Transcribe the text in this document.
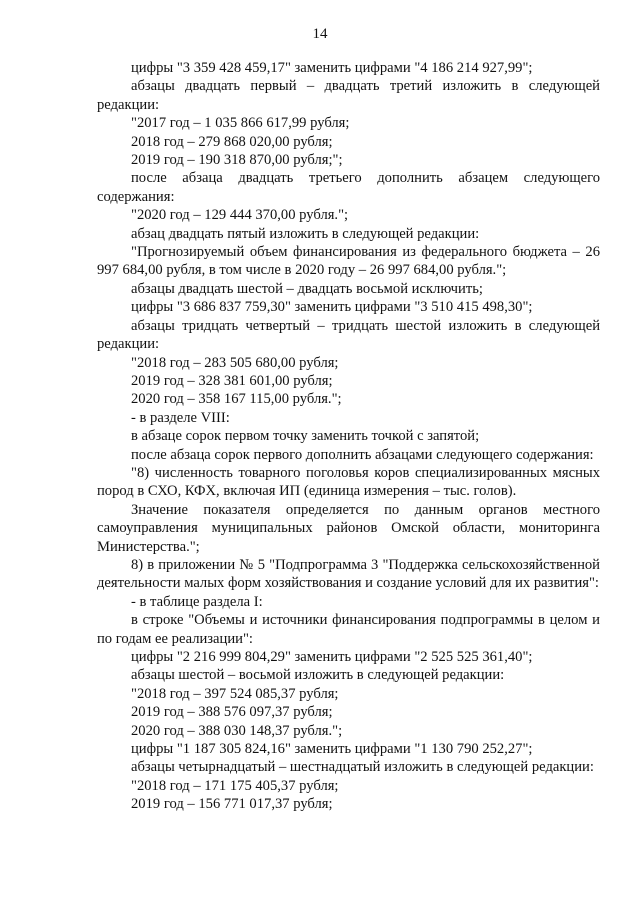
14

цифры "3 359 428 459,17" заменить цифрами "4 186 214 927,99";

абзацы двадцать первый – двадцать третий изложить в следующей редакции:

"2017 год – 1 035 866 617,99 рубля;

2018 год – 279 868 020,00 рубля;

2019 год – 190 318 870,00 рубля;";

после абзаца двадцать третьего дополнить абзацем следующего содержания:

"2020 год – 129 444 370,00 рубля.";

абзац двадцать пятый изложить в следующей редакции:

"Прогнозируемый объем финансирования из федерального бюджета – 26 997 684,00 рубля, в том числе в 2020 году – 26 997 684,00 рубля.";

абзацы двадцать шестой – двадцать восьмой исключить;

цифры "3 686 837 759,30" заменить цифрами "3 510 415 498,30";

абзацы тридцать четвертый – тридцать шестой изложить в следующей редакции:

"2018 год – 283 505 680,00 рубля;

2019 год – 328 381 601,00 рубля;

2020 год – 358 167 115,00 рубля.";

- в разделе VIII:

в абзаце сорок первом точку заменить точкой с запятой;

после абзаца сорок первого дополнить абзацами следующего содержания:

"8) численность товарного поголовья коров специализированных мясных пород в СХО, КФХ, включая ИП (единица измерения – тыс. голов).

Значение показателя определяется по данным органов местного самоуправления муниципальных районов Омской области, мониторинга Министерства.";

8) в приложении № 5 "Подпрограмма 3 "Поддержка сельскохозяйственной деятельности малых форм хозяйствования и создание условий для их развития":

- в таблице раздела I:

в строке "Объемы и источники финансирования подпрограммы в целом и по годам ее реализации":

цифры "2 216 999 804,29" заменить цифрами "2 525 525 361,40";

абзацы шестой – восьмой изложить в следующей редакции:

"2018 год – 397 524 085,37 рубля;

2019 год – 388 576 097,37 рубля;

2020 год – 388 030 148,37 рубля.";

цифры "1 187 305 824,16" заменить цифрами "1 130 790 252,27";

абзацы четырнадцатый – шестнадцатый изложить в следующей редакции:

"2018 год – 171 175 405,37 рубля;

2019 год – 156 771 017,37 рубля;
